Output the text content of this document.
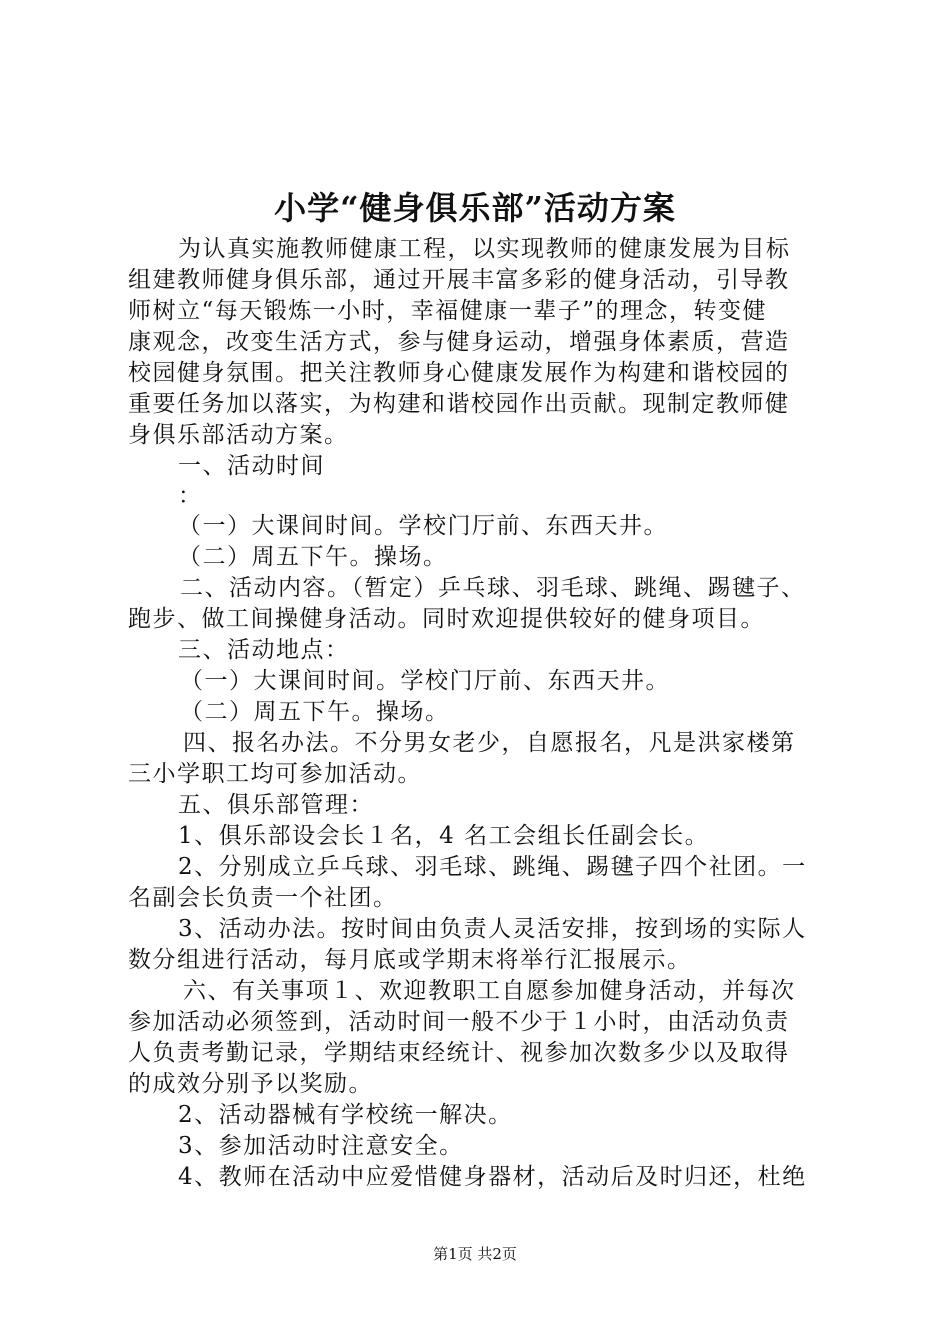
小学“健身俱乐部”活动方案
为认真实施教师健康工程，以实现教师的健康发展为目标
组建教师健身俱乐部，通过开展丰富多彩的健身活动，引导教
师树立“每天锻炼一小时，幸福健康一辈子”的理念，转变健
康观念，改变生活方式，参与健身运动，增强身体素质，营造
校园健身氛围。把关注教师身心健康发展作为构建和谐校园的
重要任务加以落实，为构建和谐校园作出贡献。现制定教师健
身俱乐部活动方案。
一、活动时间
：
（一）大课间时间。学校门厅前、东西天井。
（二）周五下午。操场。
二、活动内容。（暂定）乒乓球、羽毛球、跳绳、踢毽子、
跑步、做工间操健身活动。同时欢迎提供较好的健身项目。
三、活动地点：
（一）大课间时间。学校门厅前、东西天井。
（二）周五下午。操场。
四、报名办法。不分男女老少，自愿报名，凡是洪家楼第
三小学职工均可参加活动。
五、俱乐部管理：
1、俱乐部设会长１名，4 名工会组长任副会长。
2、分别成立乒乓球、羽毛球、跳绳、踢毽子四个社团。一
名副会长负责一个社团。
3、活动办法。按时间由负责人灵活安排，按到场的实际人
数分组进行活动，每月底或学期末将举行汇报展示。
六、有关事项１、欢迎教职工自愿参加健身活动，并每次
参加活动必须签到，活动时间一般不少于１小时，由活动负责
人负责考勤记录，学期结束经统计、视参加次数多少以及取得
的成效分别予以奖励。
2、活动器械有学校统一解决。
3、参加活动时注意安全。
4、教师在活动中应爱惜健身器材，活动后及时归还，杜绝
第1页 共2页
